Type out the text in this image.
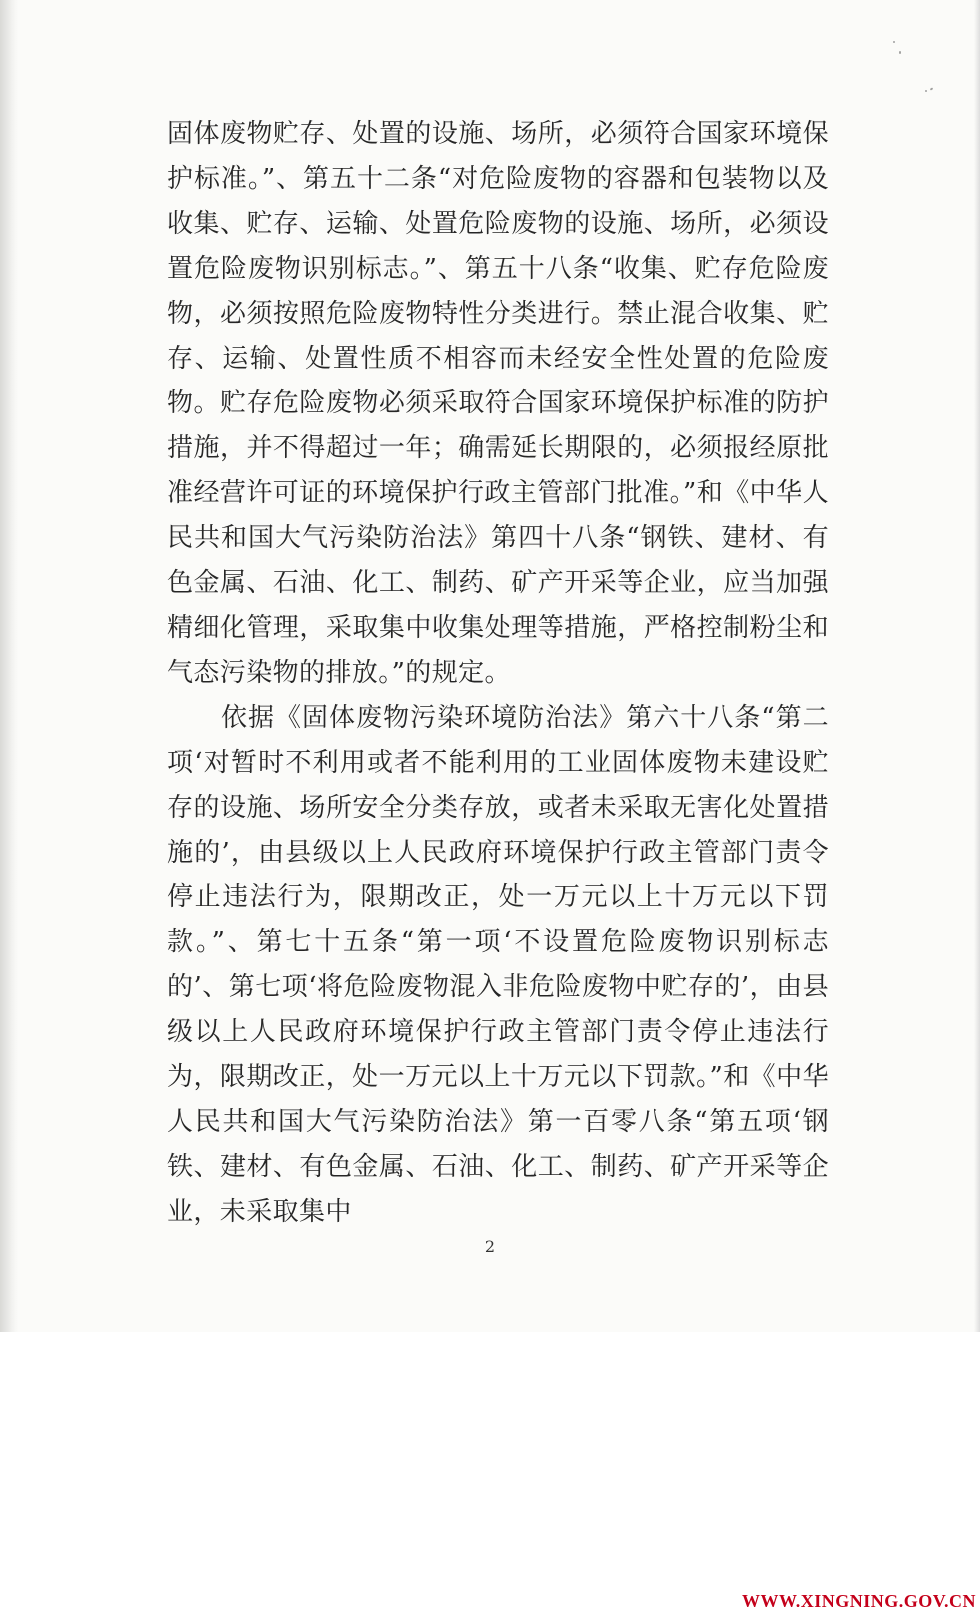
固体废物贮存、处置的设施、场所，必须符合国家环境保护标准。”、第五十二条“对危险废物的容器和包装物以及收集、贮存、运输、处置危险废物的设施、场所，必须设置危险废物识别标志。”、第五十八条“收集、贮存危险废物，必须按照危险废物特性分类进行。禁止混合收集、贮存、运输、处置性质不相容而未经安全性处置的危险废物。贮存危险废物必须采取符合国家环境保护标准的防护措施，并不得超过一年；确需延长期限的，必须报经原批准经营许可证的环境保护行政主管部门批准。”和《中华人民共和国大气污染防治法》第四十八条“钢铁、建材、有色金属、石油、化工、制药、矿产开采等企业，应当加强精细化管理，采取集中收集处理等措施，严格控制粉尘和气态污染物的排放。”的规定。

依据《固体废物污染环境防治法》第六十八条“第二项‘对暂时不利用或者不能利用的工业固体废物未建设贮存的设施、场所安全分类存放，或者未采取无害化处置措施的’，由县级以上人民政府环境保护行政主管部门责令停止违法行为，限期改正，处一万元以上十万元以下罚款。”、第七十五条“第一项‘不设置危险废物识别标志的’、第七项‘将危险废物混入非危险废物中贮存的’，由县级以上人民政府环境保护行政主管部门责令停止违法行为，限期改正，处一万元以上十万元以下罚款。”和《中华人民共和国大气污染防治法》第一百零八条“第五项‘钢铁、建材、有色金属、石油、化工、制药、矿产开采等企业，未采取集中

2
WWW.XINGNING.GOV.CN
